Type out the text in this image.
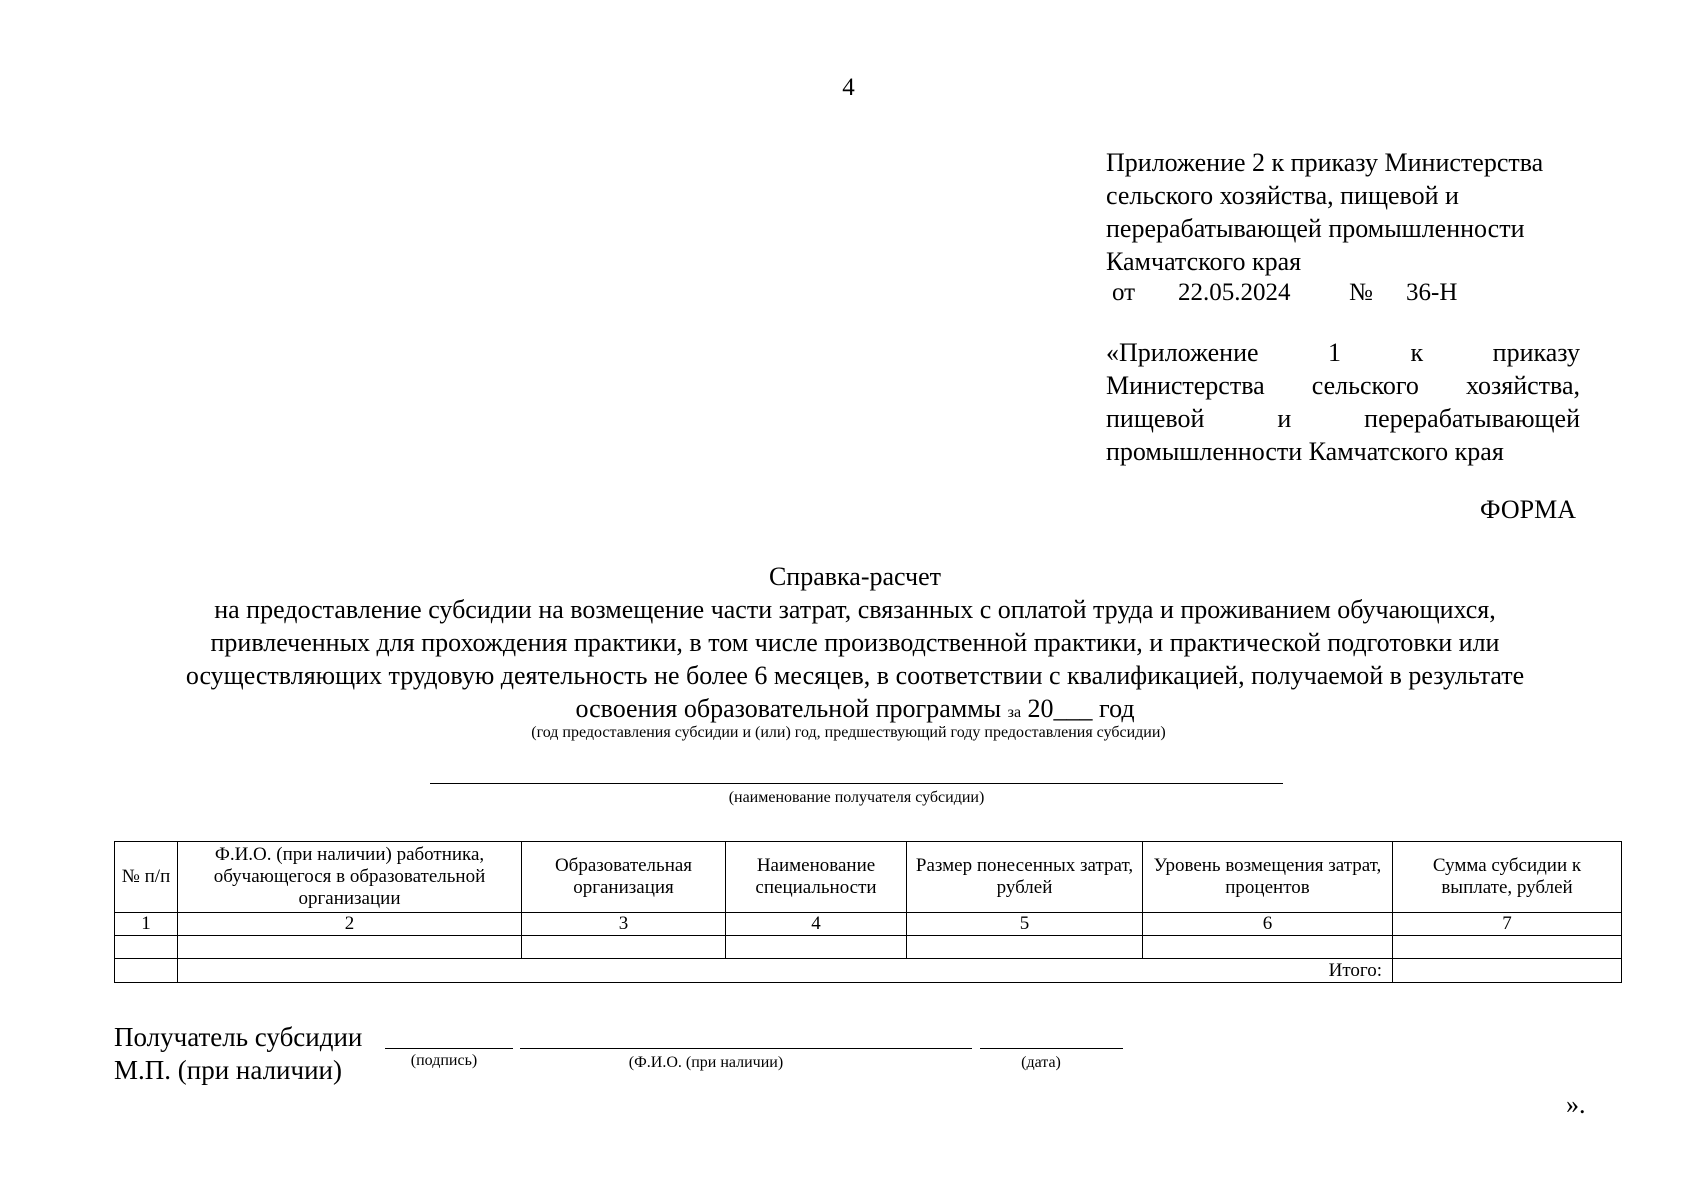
4
Приложение 2 к приказу Министерства
сельского хозяйства, пищевой и
перерабатывающей промышленности
Камчатского края
от 22.05.2024 № 36-Н
«Приложение 1 к приказу
Министерства сельского хозяйства,
пищевой и перерабатывающей
промышленности Камчатского края
ФОРМА
Справка-расчет
на предоставление субсидии на возмещение части затрат, связанных с оплатой труда и проживанием обучающихся,
привлеченных для прохождения практики, в том числе производственной практики, и практической подготовки или
осуществляющих трудовую деятельность не более 6 месяцев, в соответствии с квалификацией, получаемой в результате
освоения образовательной программы за 20___ год
(год предоставления субсидии и (или) год, предшествующий году предоставления субсидии)
(наименование получателя субсидии)
№ п/п	Ф.И.О. (при наличии) работника, обучающегося в образовательной организации	Образовательная организация	Наименование специальности	Размер понесенных затрат, рублей	Уровень возмещения затрат, процентов	Сумма субсидии к выплате, рублей
1	2	3	4	5	6	7

	Итого:					
Получатель субсидии
М.П. (при наличии)	(подпись)	(Ф.И.О. (при наличии)	(дата)
».
